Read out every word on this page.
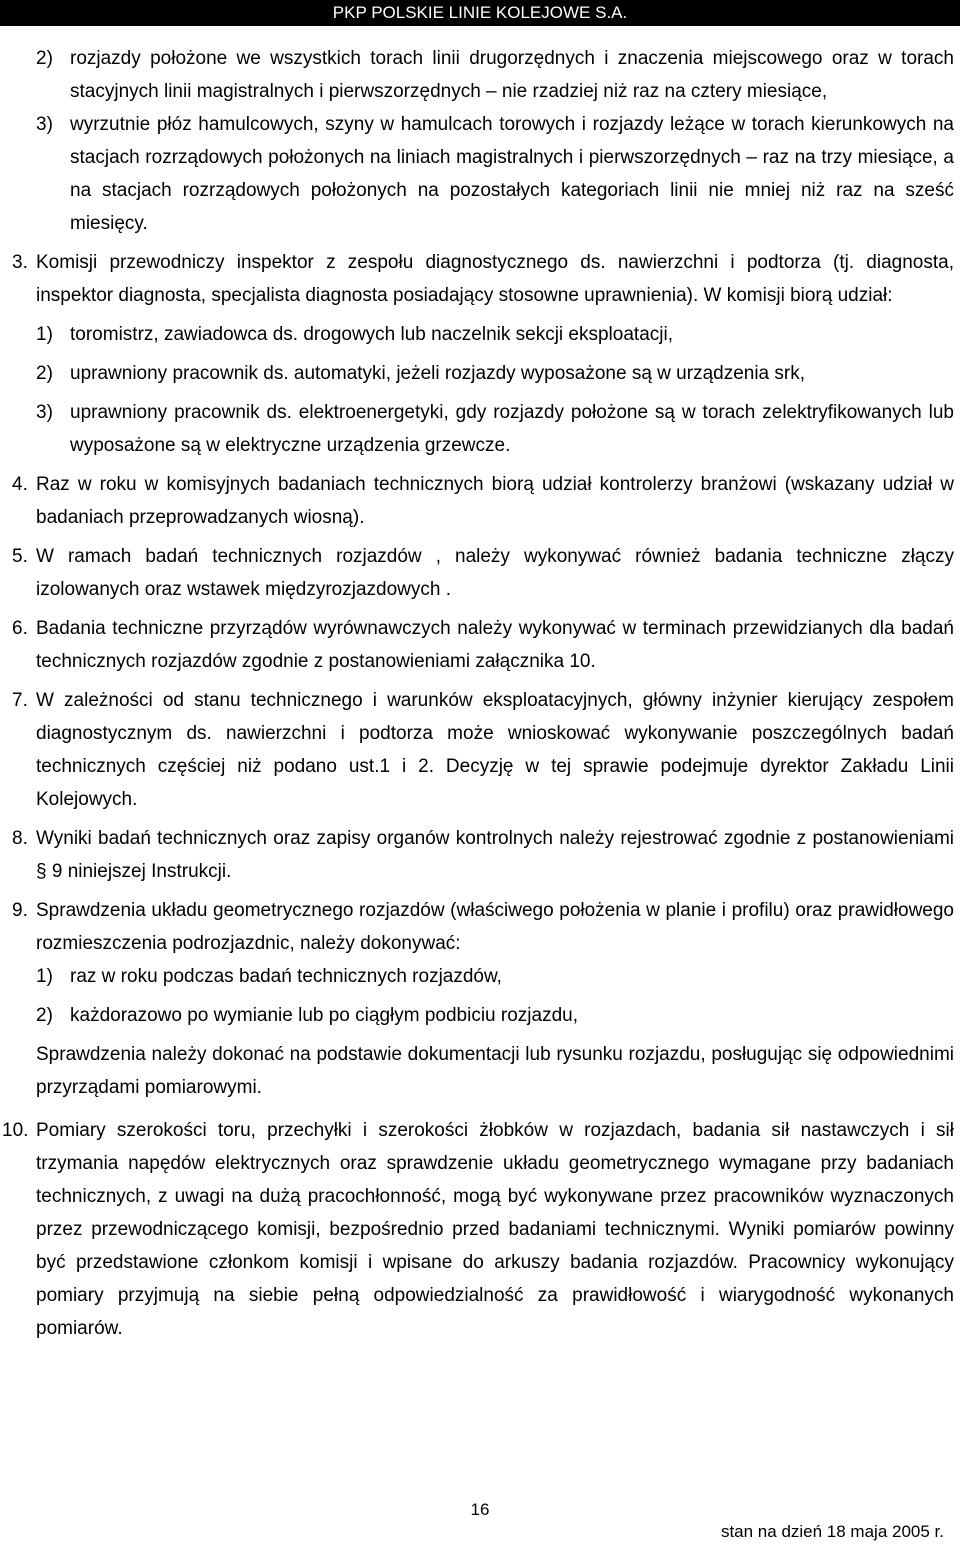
PKP POLSKIE LINIE KOLEJOWE S.A.
2) rozjazdy położone we wszystkich torach linii drugorzędnych i znaczenia miejscowego oraz w torach stacyjnych linii magistralnych i pierwszorzędnych – nie rzadziej niż raz na cztery miesiące,
3) wyrzutnie płóz hamulcowych, szyny w hamulcach torowych i rozjazdy leżące w torach kierunkowych na stacjach rozrządowych położonych na liniach magistralnych i pierwszorzędnych – raz na trzy miesiące, a na stacjach rozrządowych położonych na pozostałych kategoriach linii nie mniej niż raz na sześć miesięcy.
3. Komisji przewodniczy inspektor z zespołu diagnostycznego ds. nawierzchni i podtorza (tj. diagnosta, inspektor diagnosta, specjalista diagnosta posiadający stosowne uprawnienia). W komisji biorą udział:
1) toromistrz, zawiadowca ds. drogowych lub naczelnik sekcji eksploatacji,
2) uprawniony pracownik ds. automatyki, jeżeli rozjazdy wyposażone są w urządzenia srk,
3) uprawniony pracownik ds. elektroenergetyki, gdy rozjazdy położone są w torach zelektryfikowanych lub wyposażone są w elektryczne urządzenia grzewcze.
4. Raz w roku w komisyjnych badaniach technicznych biorą udział kontrolerzy branżowi (wskazany udział w badaniach przeprowadzanych wiosną).
5. W ramach badań technicznych rozjazdów , należy wykonywać również badania techniczne złączy izolowanych oraz wstawek międzyrozjazdowych .
6. Badania techniczne przyrządów wyrównawczych należy wykonywać w terminach przewidzianych dla badań technicznych rozjazdów zgodnie z postanowieniami załącznika 10.
7. W zależności od stanu technicznego i warunków eksploatacyjnych, główny inżynier kierujący zespołem diagnostycznym ds. nawierzchni i podtorza może wnioskować wykonywanie poszczególnych badań technicznych częściej niż podano ust.1 i 2. Decyzję w tej sprawie podejmuje dyrektor Zakładu Linii Kolejowych.
8. Wyniki badań technicznych oraz zapisy organów kontrolnych należy rejestrować zgodnie z postanowieniami § 9 niniejszej Instrukcji.
9. Sprawdzenia układu geometrycznego rozjazdów (właściwego położenia w planie i profilu) oraz prawidłowego rozmieszczenia podrozjazdnic, należy dokonywać:
1) raz w roku podczas badań technicznych rozjazdów,
2) każdorazowo po wymianie lub po ciągłym podbiciu rozjazdu,
Sprawdzenia należy dokonać na podstawie dokumentacji lub rysunku rozjazdu, posługując się odpowiednimi przyrządami pomiarowymi.
10. Pomiary szerokości toru, przechyłki i szerokości żłobków w rozjazdach, badania sił nastawczych i sił trzymania napędów elektrycznych oraz sprawdzenie układu geometrycznego wymagane przy badaniach technicznych, z uwagi na dużą pracochłonność, mogą być wykonywane przez pracowników wyznaczonych przez przewodniczącego komisji, bezpośrednio przed badaniami technicznymi. Wyniki pomiarów powinny być przedstawione członkom komisji i wpisane do arkuszy badania rozjazdów. Pracownicy wykonujący pomiary przyjmują na siebie pełną odpowiedzialność za prawidłowość i wiarygodność wykonanych pomiarów.
16
stan na dzień 18 maja 2005 r.
